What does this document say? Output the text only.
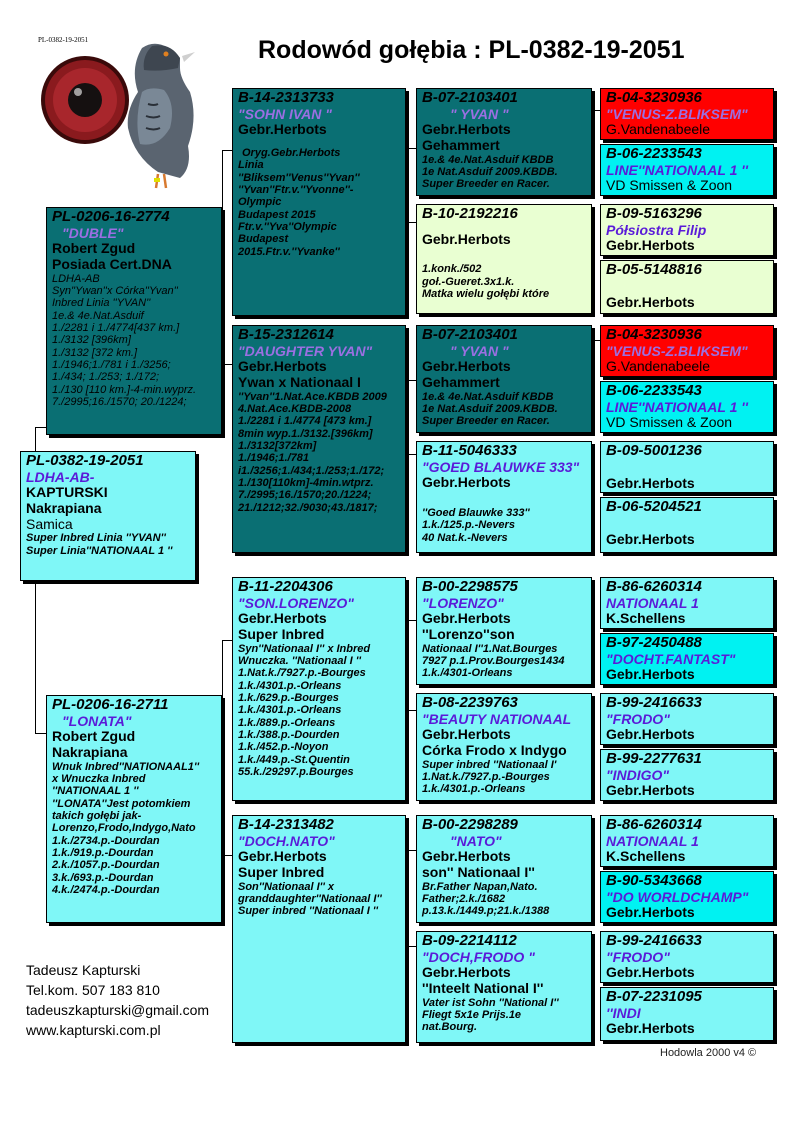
Rodowód gołębia : PL-0382-19-2051
PL-0382-19-2051
PL-0382-19-2051
LDHA-AB-
KAPTURSKI
Nakrapiana
Samica
Super Inbred Linia ''YVAN''
Super Linia''NATIONAAL 1 ''
PL-0206-16-2774
"DUBLE"
Robert Zgud
Posiada Cert.DNA
LDHA-AB
Syn''Ywan''x Córka''Yvan''
Inbred Linia ''YVAN''
1e.& 4e.Nat.Asduif
1./2281 i 1./4774[437 km.]
1./3132 [396km]
1./3132 [372 km.]
1./1946;1./781 i 1./3256;
1./434; 1./253; 1./172;
1./130 [110 km.]-4-min.wyprz.
7./2995;16./1570; 20./1224;
PL-0206-16-2711
"LONATA"
Robert Zgud
Nakrapiana
Wnuk Inbred''NATIONAAL1''
x Wnuczka Inbred
''NATIONAAL 1 ''
''LONATA''Jest potomkiem
takich gołębi jak-
Lorenzo,Frodo,Indygo,Nato
1.k./2734.p.-Dourdan
1.k./919.p.-Dourdan
2.k./1057.p.-Dourdan
3.k./693.p.-Dourdan
4.k./2474.p.-Dourdan
B-14-2313733
"SOHN IVAN "
Gebr.Herbots
Oryg.Gebr.Herbots
Linia
''Bliksem''Venus''Yvan''
''Yvan''Ftr.v.''Yvonne''-
Olympic
Budapest 2015
Ftr.v.''Yva''Olympic
Budapest
2015.Ftr.v.''Yvanke''
B-15-2312614
"DAUGHTER YVAN"
Gebr.Herbots
Ywan x Nationaal I
''Yvan''1.Nat.Ace.KBDB 2009
4.Nat.Ace.KBDB-2008
1./2281 i 1./4774 [473 km.]
8min wyp.1./3132.[396km]
1./3132[372km]
1./1946;1./781
i1./3256;1./434;1./253;1./172;
1./130[110km]-4min.wtprz.
7./2995;16./1570;20./1224;
21./1212;32./9030;43./1817;
B-11-2204306
"SON.LORENZO"
Gebr.Herbots
Super Inbred
Syn''Nationaal I'' x Inbred
Wnuczka. ''Nationaal I ''
1.Nat.k./7927.p.-Bourges
1.k./4301.p.-Orleans
1.k./629.p.-Bourges
1.k./4301.p.-Orleans
1.k./889.p.-Orleans
1.k./388.p.-Dourden
1.k./452.p.-Noyon
1.k./449.p.-St.Quentin
55.k./29297.p.Bourges
B-14-2313482
"DOCH.NATO"
Gebr.Herbots
Super Inbred
Son''Nationaal I'' x
granddaughter''Nationaal I''
Super inbred ''Nationaal I ''
B-07-2103401
" YVAN "
Gebr.Herbots
Gehammert
1e.& 4e.Nat.Asduif KBDB
1e Nat.Asduif 2009.KBDB.
Super Breeder en Racer.
B-10-2192216
Gebr.Herbots
1.konk./502
goł.-Gueret.3x1.k.
Matka wielu gołębi które
B-07-2103401
" YVAN "
Gebr.Herbots
Gehammert
1e.& 4e.Nat.Asduif KBDB
1e Nat.Asduif 2009.KBDB.
Super Breeder en Racer.
B-11-5046333
"GOED BLAUWKE 333"
Gebr.Herbots
''Goed Blauwke 333''
1.k./125.p.-Nevers
40 Nat.k.-Nevers
B-00-2298575
"LORENZO"
Gebr.Herbots
''Lorenzo''son
Nationaal I''1.Nat.Bourges
7927 p.1.Prov.Bourges1434
1.k./4301-Orleans
B-08-2239763
"BEAUTY NATIONAAL
Gebr.Herbots
Córka Frodo x Indygo
Super inbred ''Nationaal I'
1.Nat.k./7927.p.-Bourges
1.k./4301.p.-Orleans
B-00-2298289
"NATO"
Gebr.Herbots
son'' Nationaal I''
Br.Father Napan,Nato.
Father;2.k./1682
p.13.k./1449.p;21.k./1388
B-09-2214112
"DOCH,FRODO "
Gebr.Herbots
''Inteelt National I''
Vater ist Sohn ''National I''
Fliegt 5x1e Prijs.1e
nat.Bourg.
B-04-3230936
"VENUS-Z.BLIKSEM"
G.Vandenabeele
B-06-2233543
LINE''NATIONAAL 1 ''
VD Smissen & Zoon
B-09-5163296
Półsiostra Filip
Gebr.Herbots
B-05-5148816
Gebr.Herbots
B-04-3230936
"VENUS-Z.BLIKSEM"
G.Vandenabeele
B-06-2233543
LINE''NATIONAAL 1 ''
VD Smissen & Zoon
B-09-5001236
Gebr.Herbots
B-06-5204521
Gebr.Herbots
B-86-6260314
NATIONAAL 1
K.Schellens
B-97-2450488
"DOCHT.FANTAST"
Gebr.Herbots
B-99-2416633
"FRODO"
Gebr.Herbots
B-99-2277631
"INDIGO"
Gebr.Herbots
B-86-6260314
NATIONAAL 1
K.Schellens
B-90-5343668
"DO WORLDCHAMP"
Gebr.Herbots
B-99-2416633
"FRODO"
Gebr.Herbots
B-07-2231095
''INDI
Gebr.Herbots
Tadeusz Kapturski
Tel.kom. 507 183 810
tadeuszkapturski@gmail.com
www.kapturski.com.pl
Hodowla 2000 v4 ©
